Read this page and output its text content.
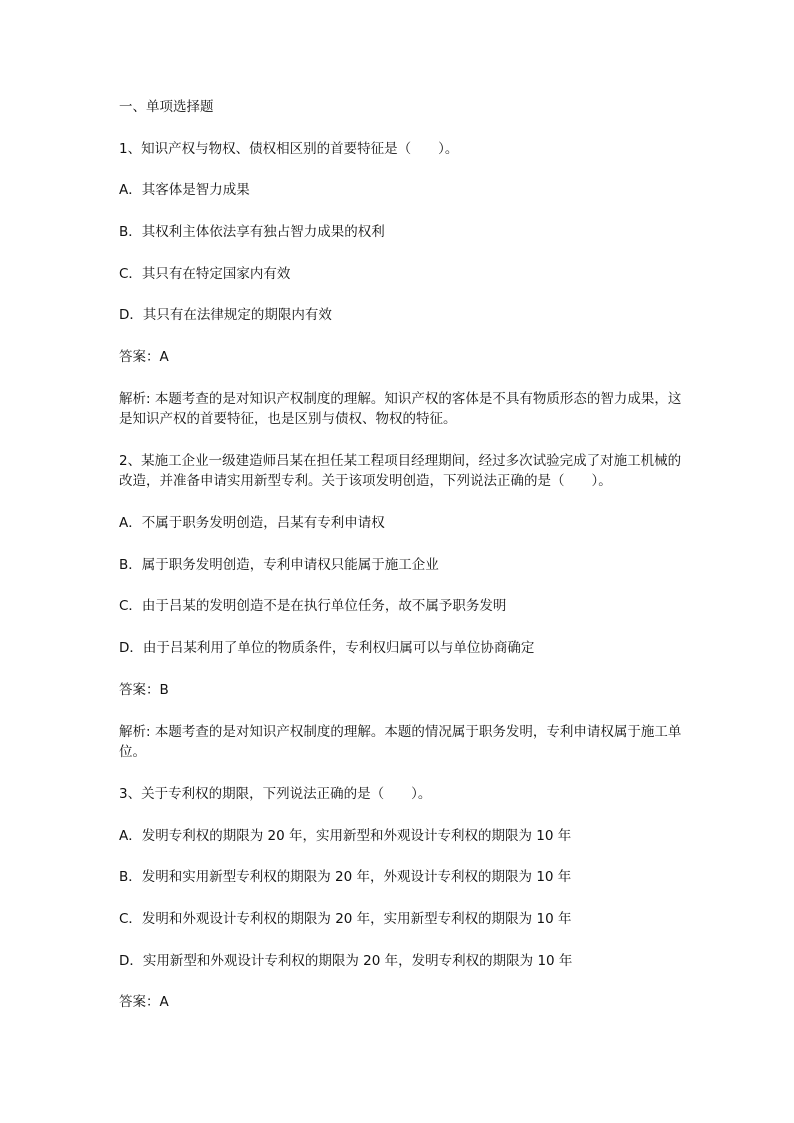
一、单项选择题
1、知识产权与物权、债权相区别的首要特征是（　　）。
A．其客体是智力成果
B．其权利主体依法享有独占智力成果的权利
C．其只有在特定国家内有效
D．其只有在法律规定的期限内有效
答案：A
解析: 本题考查的是对知识产权制度的理解。知识产权的客体是不具有物质形态的智力成果，这是知识产权的首要特征，也是区别与债权、物权的特征。
2、某施工企业一级建造师吕某在担任某工程项目经理期间，经过多次试验完成了对施工机械的改造，并准备申请实用新型专利。关于该项发明创造，下列说法正确的是（　　）。
A．不属于职务发明创造，吕某有专利申请权
B．属于职务发明创造，专利申请权只能属于施工企业
C．由于吕某的发明创造不是在执行单位任务，故不属予职务发明
D．由于吕某利用了单位的物质条件，专利权归属可以与单位协商确定
答案：B
解析: 本题考查的是对知识产权制度的理解。本题的情况属于职务发明，专利申请权属于施工单位。
3、关于专利权的期限，下列说法正确的是（　　）。
A．发明专利权的期限为 20 年，实用新型和外观设计专利权的期限为 10 年
B．发明和实用新型专利权的期限为 20 年，外观设计专利权的期限为 10 年
C．发明和外观设计专利权的期限为 20 年，实用新型专利权的期限为 10 年
D．实用新型和外观设计专利权的期限为 20 年，发明专利权的期限为 10 年
答案：A
